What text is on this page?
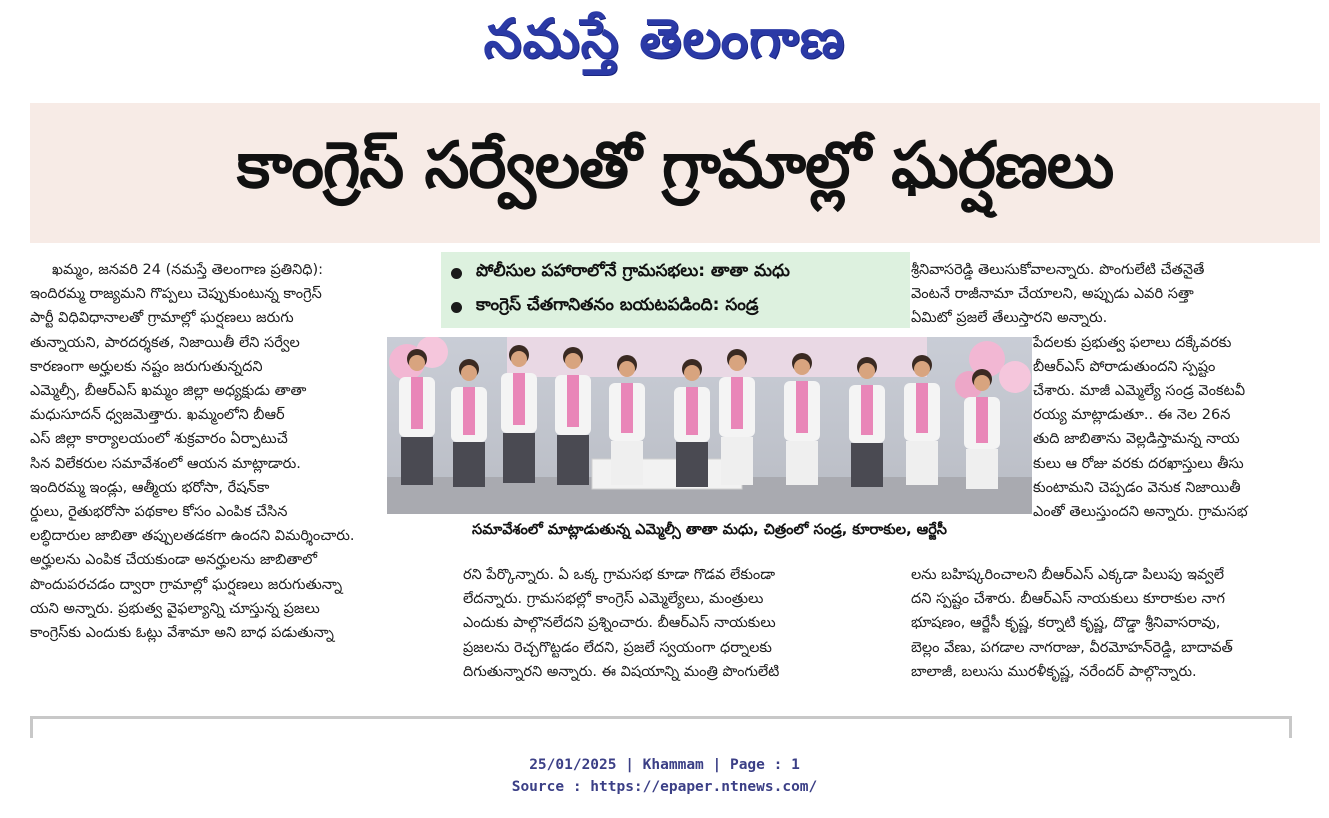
నమస్తే తెలంగాణ
కాంగ్రెస్ సర్వేలతో గ్రామాల్లో ఘర్షణలు

ఖమ్మం, జనవరి 24 (నమస్తే తెలంగాణ ప్రతినిధి):

ఇందిరమ్మ రాజ్యమని గొప్పలు చెప్పుకుంటున్న కాంగ్రెస్

పార్టీ విధివిధానాలతో గ్రామాల్లో ఘర్షణలు జరుగు

తున్నాయని, పారదర్శకత, నిజాయితీ లేని సర్వేల

కారణంగా అర్హులకు నష్టం జరుగుతున్నదని

ఎమ్మెల్సీ, బీఆర్ఎస్ ఖమ్మం జిల్లా అధ్యక్షుడు తాతా

మధుసూదన్ ధ్వజమెత్తారు. ఖమ్మంలోని బీఆర్

ఎస్ జిల్లా కార్యాలయంలో శుక్రవారం ఏర్పాటుచే

సిన విలేకరుల సమావేశంలో ఆయన మాట్లాడారు.

ఇందిరమ్మ ఇండ్లు, ఆత్మీయ భరోసా, రేషన్‌కా

ర్డులు, రైతుభరోసా పథకాల కోసం ఎంపిక చేసిన

లబ్ధిదారుల జాబితా తప్పులతడకగా ఉందని విమర్శించారు.

అర్హులను ఎంపిక చేయకుండా అనర్హులను జాబితాలో

పొందుపరచడం ద్వారా గ్రామాల్లో ఘర్షణలు జరుగుతున్నా

యని అన్నారు. ప్రభుత్వ వైఫల్యాన్ని చూస్తున్న ప్రజలు

కాంగ్రెస్‌కు ఎందుకు ఓట్లు వేశామా అని బాధ పడుతున్నా

పోలీసుల పహారాలోనే గ్రామసభలు: తాతా మధు
కాంగ్రెస్ చేతగానితనం బయటపడింది: సండ్ర
సమావేశంలో మాట్లాడుతున్న ఎమ్మెల్సీ తాతా మధు, చిత్రంలో సండ్ర, కూరాకుల, ఆర్జేసీ

రని పేర్కొన్నారు. ఏ ఒక్క గ్రామసభ కూడా గొడవ లేకుండా

లేదన్నారు. గ్రామసభల్లో కాంగ్రెస్ ఎమ్మెల్యేలు, మంత్రులు

ఎందుకు పాల్గొనలేదని ప్రశ్నించారు. బీఆర్ఎస్ నాయకులు

ప్రజలను రెచ్చగొట్టడం లేదని, ప్రజలే స్వయంగా ధర్నాలకు

దిగుతున్నారని అన్నారు. ఈ విషయాన్ని మంత్రి పొంగులేటి

శ్రీనివాసరెడ్డి తెలుసుకోవాలన్నారు. పొంగులేటి చేతనైతే

వెంటనే రాజీనామా చేయాలని, అప్పుడు ఎవరి సత్తా

ఏమిటో ప్రజలే తేలుస్తారని అన్నారు.

పేదలకు ప్రభుత్వ ఫలాలు దక్కేవరకు

బీఆర్ఎస్ పోరాడుతుందని స్పష్టం

చేశారు. మాజీ ఎమ్మెల్యే సండ్ర వెంకటవీ

రయ్య మాట్లాడుతూ.. ఈ నెల 26న

తుది జాబితాను వెల్లడిస్తామన్న నాయ

కులు ఆ రోజు వరకు దరఖాస్తులు తీసు

కుంటామని చెప్పడం వెనుక నిజాయితీ

ఎంతో తెలుస్తుందని అన్నారు. గ్రామసభ

లను బహిష్కరించాలని బీఆర్ఎస్ ఎక్కడా పిలుపు ఇవ్వలే

దని స్పష్టం చేశారు. బీఆర్ఎస్ నాయకులు కూరాకుల నాగ

భూషణం, ఆర్జేసీ కృష్ణ, కర్నాటి కృష్ణ, దొడ్డా శ్రీనివాసరావు,

బెల్లం వేణు, పగడాల నాగరాజు, వీరమోహన్‌రెడ్డి, బాదావత్

బాలాజీ, బలుసు మురళీకృష్ణ, నరేందర్ పాల్గొన్నారు.

25/01/2025 | Khammam | Page : 1
Source : https://epaper.ntnews.com/
